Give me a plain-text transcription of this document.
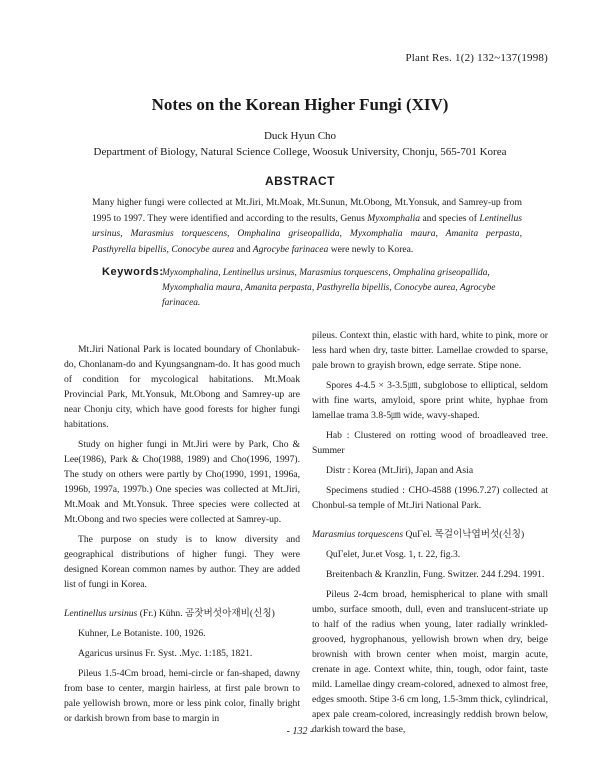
Plant Res. 1(2) 132~137(1998)
Notes on the Korean Higher Fungi (XIV)
Duck Hyun Cho
Department of Biology, Natural Science College, Woosuk University, Chonju, 565-701 Korea
ABSTRACT
Many higher fungi were collected at Mt.Jiri, Mt.Moak, Mt.Sunun, Mt.Obong, Mt.Yonsuk, and Samrey-up from 1995 to 1997. They were identified and according to the results, Genus Myxomphalia and species of Lentinellus ursinus, Marasmius torquescens, Omphalina griseopallida, Myxomphalia maura, Amanita perpasta, Pasthyrella bipellis, Conocybe aurea and Agrocybe farinacea were newly to Korea.
Keywords:
Myxomphalina, Lentinellus ursinus, Marasmius torquescens, Omphalina griseopallida, Myxomphalia maura, Amanita perpasta, Pasthyrella bipellis, Conocybe aurea, Agrocybe farinacea.

Mt.Jiri National Park is located boundary of Chonlabuk-do, Chonlanam-do and Kyungsangnam-do. It has good much of condition for mycological habitations. Mt.Moak Provincial Park, Mt.Yonsuk, Mt.Obong and Samrey-up are near Chonju city, which have good forests for higher fungi habitations.

Study on higher fungi in Mt.Jiri were by Park, Cho & Lee(1986), Park & Cho(1988, 1989) and Cho(1996, 1997). The study on others were partly by Cho(1990, 1991, 1996a, 1996b, 1997a, 1997b.) One species was collected at Mt.Jiri, Mt.Moak and Mt.Yonsuk. Three species were collected at Mt.Obong and two species were collected at Samrey-up.

The purpose on study is to know diversity and geographical distributions of higher fungi. They were designed Korean common names by author. They are added list of fungi in Korea.

Lentinellus ursinus (Fr.) Kühn. 곰잣버섯아재비(신칭)

Kuhner, Le Botaniste. 100, 1926.

Agaricus ursinus Fr. Syst. .Myc. 1:185, 1821.

Pileus 1.5-4Cm broad, hemi-circle or fan-shaped, dawny from base to center, margin hairless, at first pale brown to pale yellowish brown, more or less pink color, finally bright or darkish brown from base to margin in

pileus. Context thin, elastic with hard, white to pink, more or less hard when dry, taste bitter. Lamellae crowded to sparse, pale brown to grayish brown, edge serrate. Stipe none.

Spores 4-4.5 × 3-3.5㎛, subglobose to elliptical, seldom with fine warts, amyloid, spore print white, hyphae from lamellae trama 3.8-5㎛ wide, wavy-shaped.

Hab : Clustered on rotting wood of broadleaved tree. Summer

Distr : Korea (Mt.Jiri), Japan and Asia

Specimens studied : CHO-4588 (1996.7.27) collected at Chonbul-sa temple of Mt.Jiri National Park.

Marasmius torquescens QuΓel. 목걸이낙엽버섯(신칭)

QuΓelet, Jur.et Vosg. 1, t. 22, fig.3.

Breitenbach & Kranzlin, Fung. Switzer. 244 f.294. 1991.

Pileus 2-4cm broad, hemispherical to plane with small umbo, surface smooth, dull, even and translucent-striate up to half of the radius when young, later radially wrinkled-grooved, hygrophanous, yellowish brown when dry, beige brownish with brown center when moist, margin acute, crenate in age. Context white, thin, tough, odor faint, taste mild. Lamellae dingy cream-colored, adnexed to almost free, edges smooth. Stipe 3-6 cm long, 1.5-3mm thick, cylindrical, apex pale cream-colored, increasingly reddish brown below, darkish toward the base,

- 132 -
